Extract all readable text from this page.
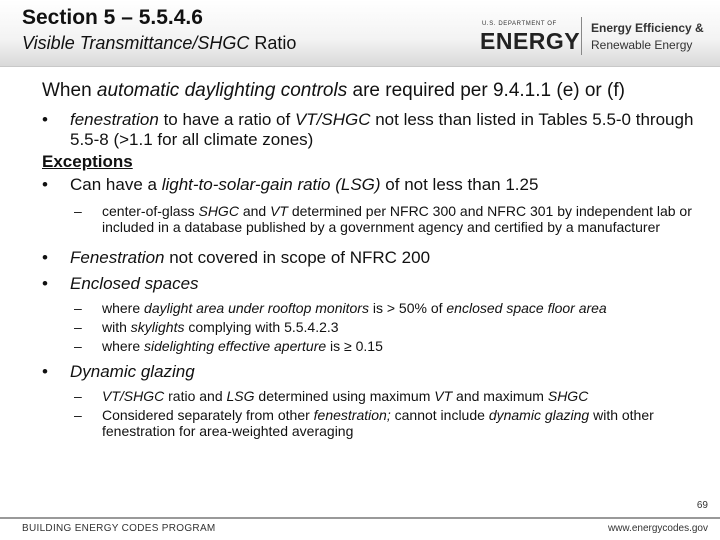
Section 5 – 5.5.4.6
Visible Transmittance/SHGC Ratio
U.S. DEPARTMENT OF
ENERGY Energy Efficiency &
Renewable Energy

When automatic daylighting controls are required per 9.4.1.1 (e) or (f)

• fenestration to have a ratio of VT/SHGC not less than listed in Tables 5.5-0 through 5.5-8 (>1.1 for all climate zones)

Exceptions

• Can have a light-to-solar-gain ratio (LSG) of not less than 1.25

– center-of-glass SHGC and VT determined per NFRC 300 and NFRC 301 by independent lab or included in a database published by a government agency and certified by a manufacturer

• Fenestration not covered in scope of NFRC 200

• Enclosed spaces

– where daylight area under rooftop monitors is > 50% of enclosed space floor area

– with skylights complying with 5.5.4.2.3

– where sidelighting effective aperture is ≥ 0.15

• Dynamic glazing

– VT/SHGC ratio and LSG determined using maximum VT and maximum SHGC

– Considered separately from other fenestration; cannot include dynamic glazing with other fenestration for area-weighted averaging

69
BUILDING ENERGY CODES PROGRAM	www.energycodes.gov
